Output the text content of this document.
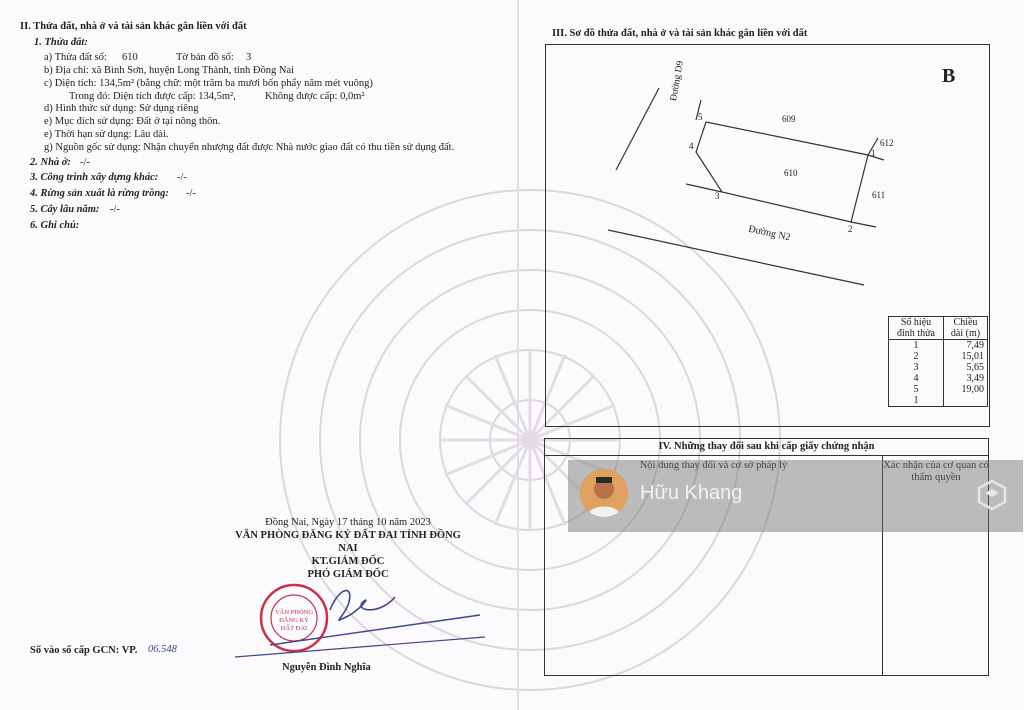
II. Thửa đất, nhà ở và tài sản khác gắn liền với đất
1. Thửa đất:
a) Thửa đất số: 610	Tờ bản đồ số: 3
b) Địa chỉ: xã Bình Sơn, huyện Long Thành, tỉnh Đồng Nai
c) Diện tích: 134,5m² (bằng chữ: một trăm ba mươi bốn phẩy năm mét vuông)
Trong đó: Diện tích được cấp: 134,5m²,	Không được cấp: 0,0m²
d) Hình thức sử dụng: Sử dụng riêng
e) Mục đích sử dụng: Đất ở tại nông thôn.
e) Thời hạn sử dụng: Lâu dài.
g) Nguồn gốc sử dụng: Nhận chuyển nhượng đất được Nhà nước giao đất có thu tiền sử dụng đất.
2. Nhà ở: -/-
3. Công trình xây dựng khác: -/-
4. Rừng sản xuất là rừng trồng: -/-
5. Cây lâu năm: -/-
6. Ghi chú:
Đồng Nai, Ngày 17 tháng 10 năm 2023
VĂN PHÒNG ĐĂNG KÝ ĐẤT ĐAI TỈNH ĐỒNG NAI
KT.GIÁM ĐỐC
PHÓ GIÁM ĐỐC
VĂN PHÒNG
ĐĂNG KÝ
ĐẤT ĐAI
Nguyễn Đình Nghĩa
Số vào sổ cấp GCN: VP. 06.548
III. Sơ đồ thửa đất, nhà ở và tài sản khác gắn liền với đất
B
Đường D9
Đường N2
609
610
611
612
1
2
3
4
5
Số hiệu đỉnh thửa	Chiều dài (m)
1	7,49
2	15,01
3	5,65
4	3,49
5	19,00
1	
IV. Những thay đổi sau khi cấp giấy chứng nhận
Nội dung thay đổi và cơ sở pháp lý	Xác nhận của cơ quan có thẩm quyền
Hữu Khang
